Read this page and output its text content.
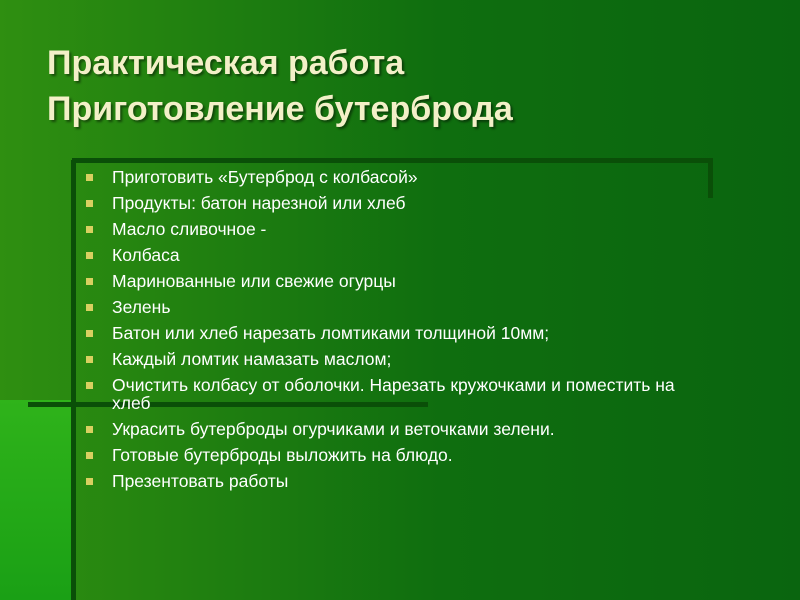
Практическая работа
Приготовление бутерброда
Приготовить «Бутерброд с колбасой»
Продукты: батон нарезной или хлеб
Масло сливочное -
Колбаса
Маринованные или свежие огурцы
Зелень
Батон или хлеб нарезать ломтиками толщиной 10мм;
Каждый ломтик намазать маслом;
Очистить колбасу от оболочки. Нарезать кружочками и поместить на хлеб
Украсить бутерброды огурчиками и веточками зелени.
Готовые бутерброды выложить на блюдо.
Презентовать работы
